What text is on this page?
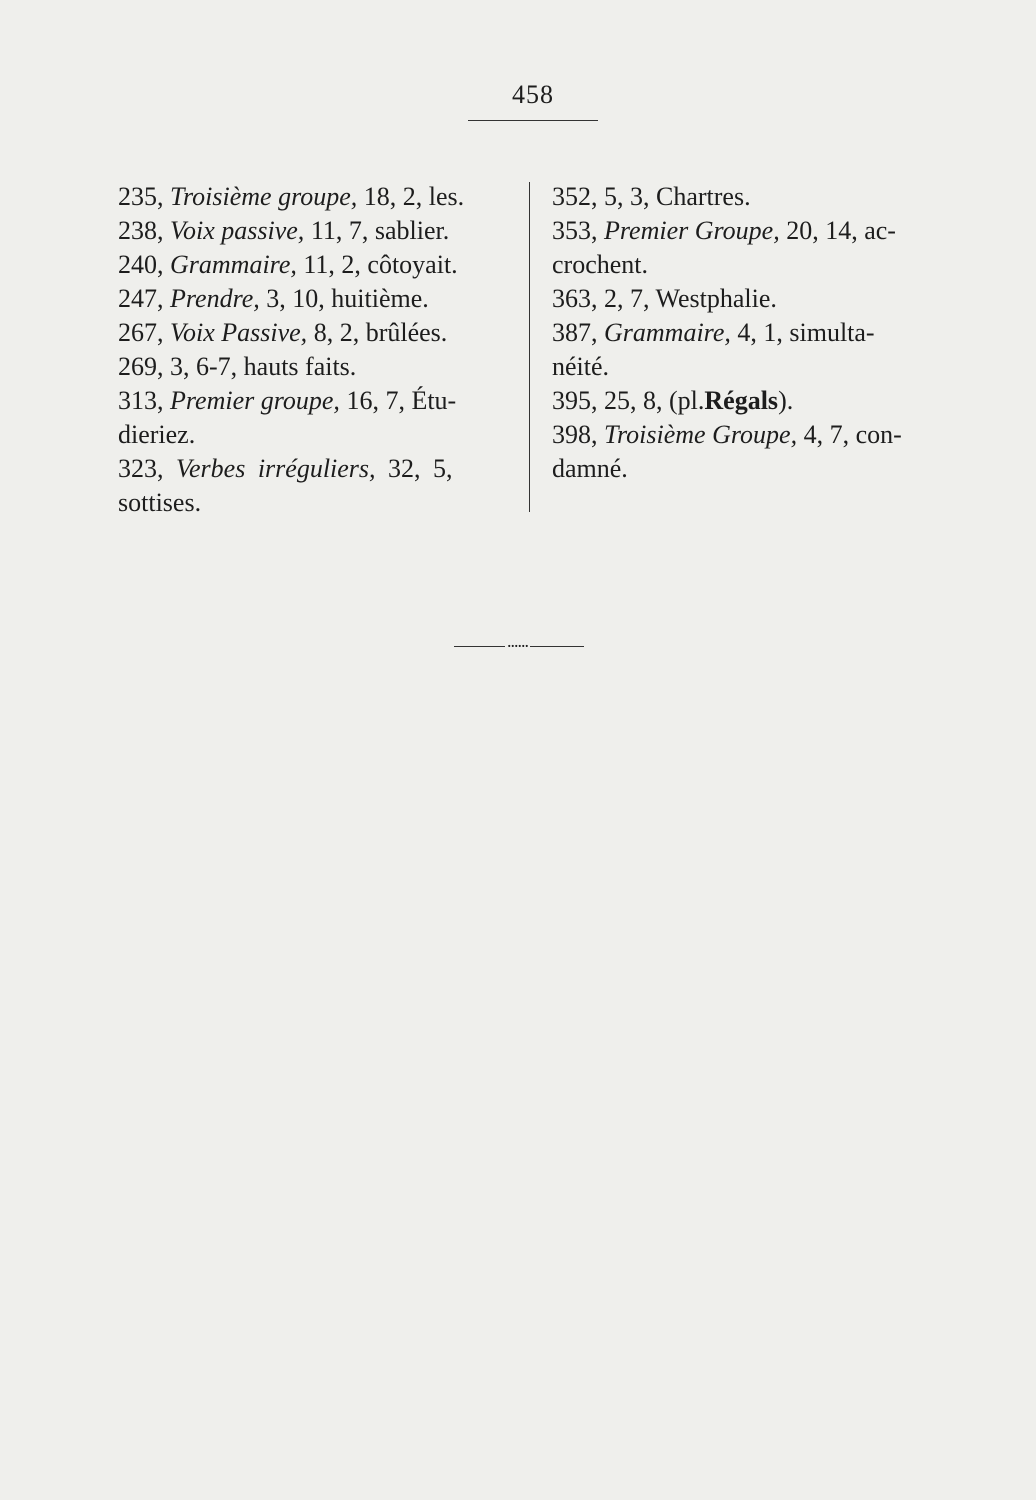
458
235, Troisième groupe, 18, 2, les.
238, Voix passive, 11, 7, sablier.
240, Grammaire, 11, 2, côtoyait.
247, Prendre, 3, 10, huitième.
267, Voix Passive, 8, 2, brûlées.
269, 3, 6-7, hauts faits.
313, Premier groupe, 16, 7, Étu-
dieriez.
323, Verbes irréguliers, 32, 5,
sottises.
352, 5, 3, Chartres.
353, Premier Groupe, 20, 14, ac-
crochent.
363, 2, 7, Westphalie.
387, Grammaire, 4, 1, simulta-
néité.
395, 25, 8, (pl.Régals).
398, Troisième Groupe, 4, 7, con-
damné.
......
